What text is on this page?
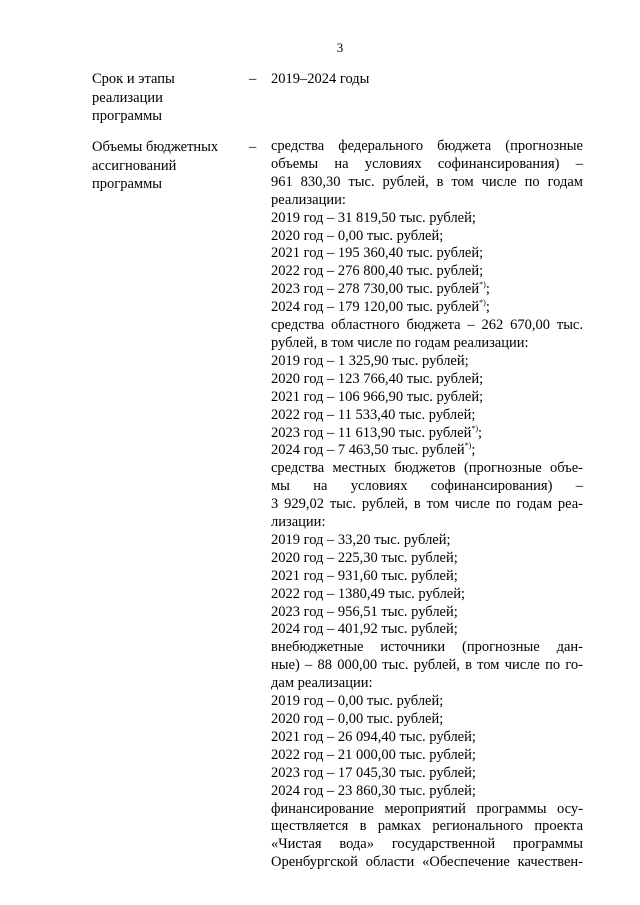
3
Срок и этапы
реализации
программы
– 2019–2024 годы
Объемы бюджетных
ассигнований
программы
– средства федерального бюджета (прогнозные
объемы на условиях софинансирования) –
961 830,30 тыс. рублей, в том числе по годам
реализации:
2019 год – 31 819,50 тыс. рублей;
2020 год – 0,00 тыс. рублей;
2021 год – 195 360,40 тыс. рублей;
2022 год – 276 800,40 тыс. рублей;
2023 год – 278 730,00 тыс. рублей*);
2024 год – 179 120,00 тыс. рублей*);
средства областного бюджета – 262 670,00 тыс.
рублей, в том числе по годам реализации:
2019 год – 1 325,90 тыс. рублей;
2020 год – 123 766,40 тыс. рублей;
2021 год – 106 966,90 тыс. рублей;
2022 год – 11 533,40 тыс. рублей;
2023 год – 11 613,90 тыс. рублей*);
2024 год – 7 463,50 тыс. рублей*);
средства местных бюджетов (прогнозные объе-
мы на условиях софинансирования) –
3 929,02 тыс. рублей, в том числе по годам реа-
лизации:
2019 год – 33,20 тыс. рублей;
2020 год – 225,30 тыс. рублей;
2021 год – 931,60 тыс. рублей;
2022 год – 1380,49 тыс. рублей;
2023 год – 956,51 тыс. рублей;
2024 год – 401,92 тыс. рублей;
внебюджетные источники (прогнозные дан-
ные) – 88 000,00 тыс. рублей, в том числе по го-
дам реализации:
2019 год – 0,00 тыс. рублей;
2020 год – 0,00 тыс. рублей;
2021 год – 26 094,40 тыс. рублей;
2022 год – 21 000,00 тыс. рублей;
2023 год – 17 045,30 тыс. рублей;
2024 год – 23 860,30 тыс. рублей;
финансирование мероприятий программы осу-
ществляется в рамках регионального проекта
«Чистая вода» государственной программы
Оренбургской области «Обеспечение качествен-
